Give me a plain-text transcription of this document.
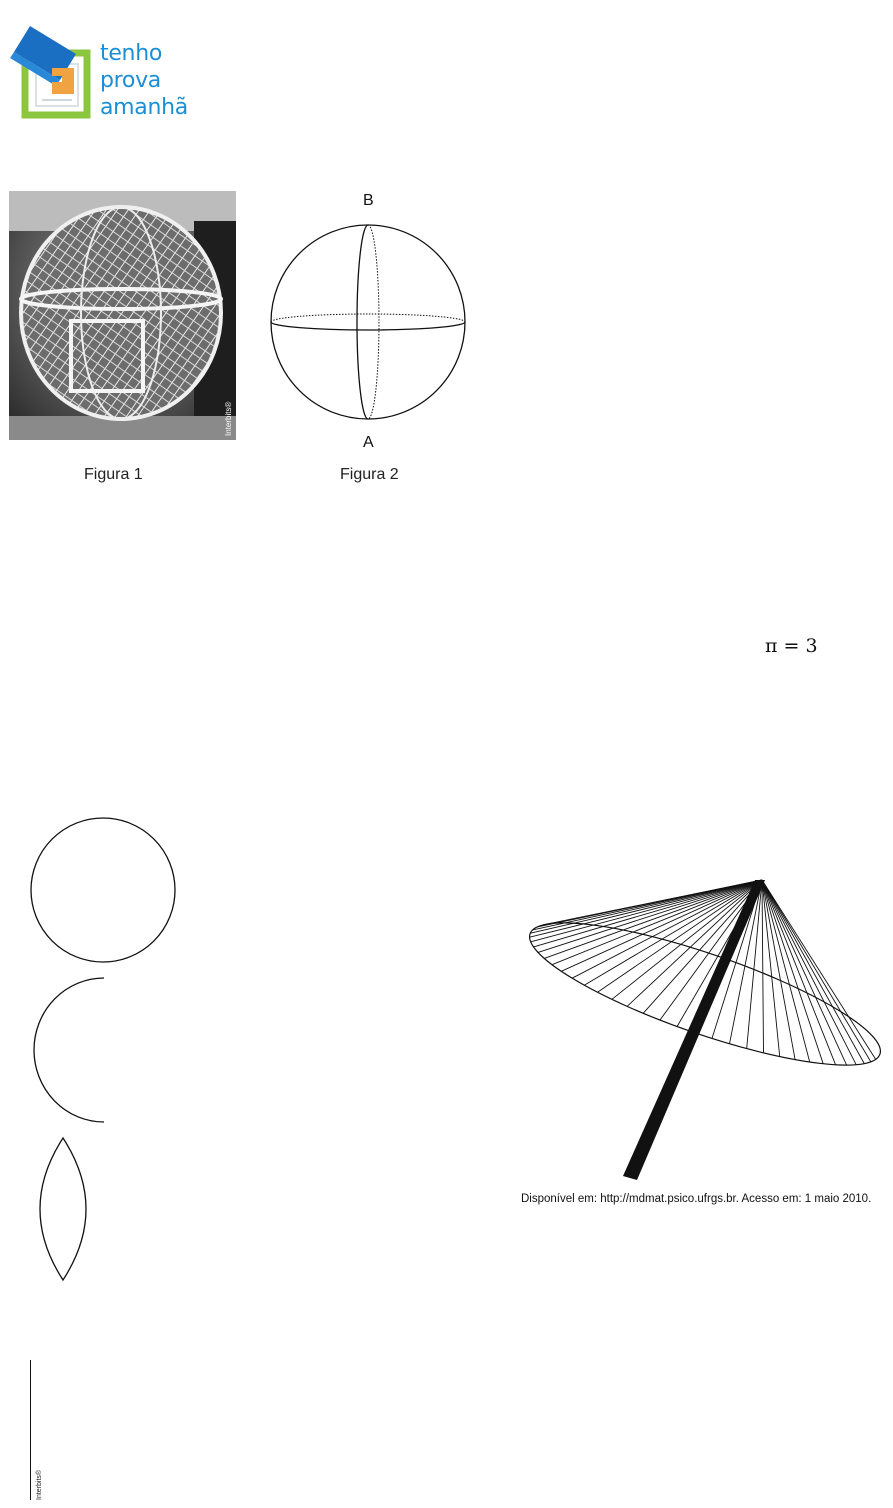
tenho
prova
amanhã
Interbits®
B
A
Figura 1	Figura 2
π = 3
Disponível em: http://mdmat.psico.ufrgs.br. Acesso em: 1 maio 2010.
Interbits®
